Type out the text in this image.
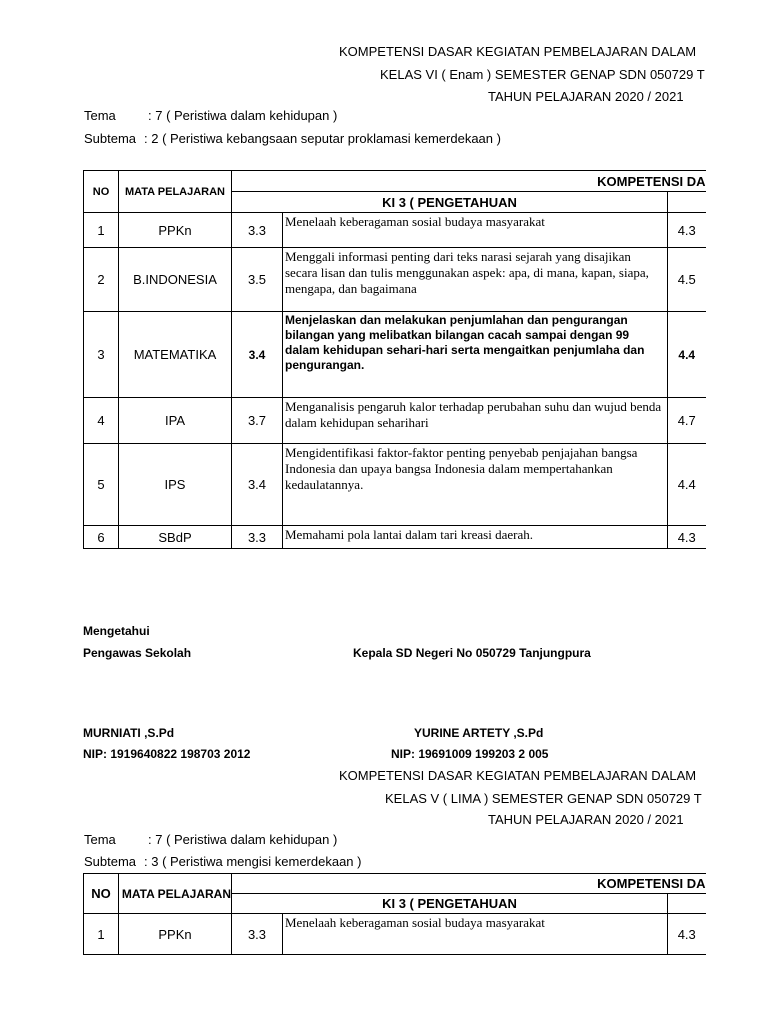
KOMPETENSI DASAR KEGIATAN PEMBELAJARAN DALAM
KELAS VI ( Enam ) SEMESTER GENAP SDN 050729 T
TAHUN PELAJARAN 2020 / 2021
Tema : 7 ( Peristiwa dalam kehidupan )
Subtema : 2 ( Peristiwa kebangsaan seputar proklamasi kemerdekaan )
NO	MATA PELAJARAN	KOMPETENSI DA		
		KI 3 ( PENGETAHUAN		
1	PPKn	3.3	Menelaah keberagaman sosial budaya masyarakat	4.3
2	B.INDONESIA	3.5	Menggali informasi penting dari teks narasi sejarah yang disajikan secara lisan dan tulis menggunakan aspek: apa, di mana, kapan, siapa, mengapa, dan bagaimana	4.5
3	MATEMATIKA	3.4	Menjelaskan dan melakukan penjumlahan dan pengurangan bilangan yang melibatkan bilangan cacah sampai dengan 99 dalam kehidupan sehari-hari serta mengaitkan penjumlaha dan pengurangan.	4.4
4	IPA	3.7	Menganalisis pengaruh kalor terhadap perubahan suhu dan wujud benda dalam kehidupan seharihari	4.7
5	IPS	3.4	Mengidentifikasi faktor-faktor penting penyebab penjajahan bangsa Indonesia dan upaya bangsa Indonesia dalam mempertahankan kedaulatannya.	4.4
6	SBdP	3.3	Memahami pola lantai dalam tari kreasi daerah.	4.3
Mengetahui
Pengawas Sekolah	Kepala SD Negeri No 050729 Tanjungpura
MURNIATI ,S.Pd	YURINE ARTETY ,S.Pd
NIP: 1919640822 198703 2012	NIP: 19691009 199203 2 005
KOMPETENSI DASAR KEGIATAN PEMBELAJARAN DALAM
KELAS V ( LIMA ) SEMESTER GENAP SDN 050729 T
TAHUN PELAJARAN 2020 / 2021
Tema : 7 ( Peristiwa dalam kehidupan )
Subtema : 3 ( Peristiwa mengisi kemerdekaan )
NO	MATA PELAJARAN	KOMPETENSI DA		
		KI 3 ( PENGETAHUAN		
1	PPKn	3.3	Menelaah keberagaman sosial budaya masyarakat	4.3
